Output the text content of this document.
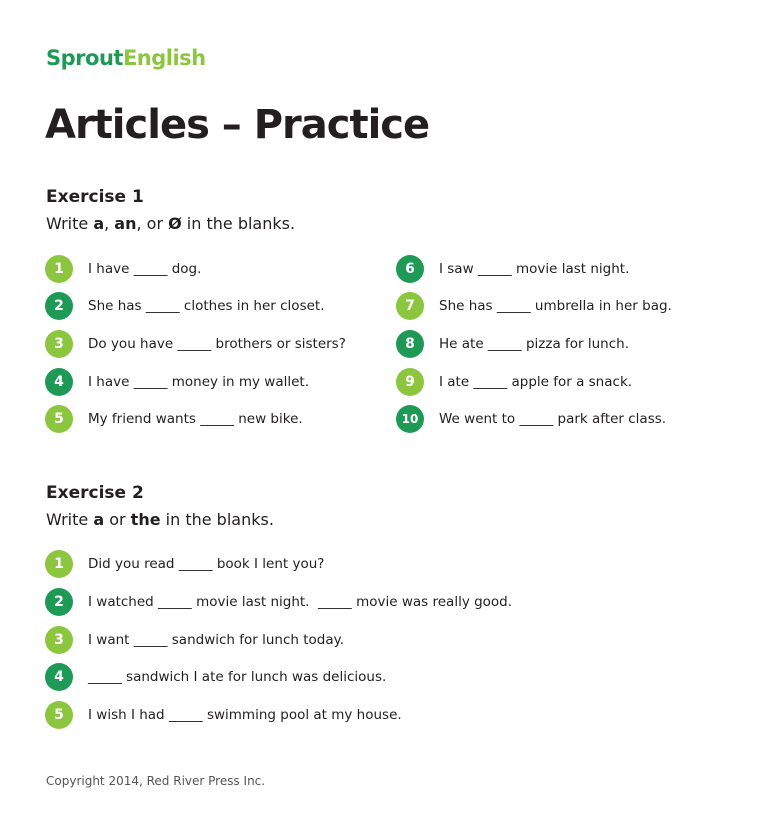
SproutEnglish
Articles – Practice
Exercise 1

Write a, an, or Ø in the blanks.

1	I have _____ dog.
2	She has _____ clothes in her closet.
3	Do you have _____ brothers or sisters?
4	I have _____ money in my wallet.
5	My friend wants _____ new bike.
6	I saw _____ movie last night.
7	She has _____ umbrella in her bag.
8	He ate _____ pizza for lunch.
9	I ate _____ apple for a snack.
10	We went to _____ park after class.
Exercise 2

Write a or the in the blanks.

1	Did you read _____ book I lent you?
2	I watched _____ movie last night.  _____ movie was really good.
3	I want _____ sandwich for lunch today.
4	_____ sandwich I ate for lunch was delicious.
5	I wish I had _____ swimming pool at my house.
Copyright 2014, Red River Press Inc.
